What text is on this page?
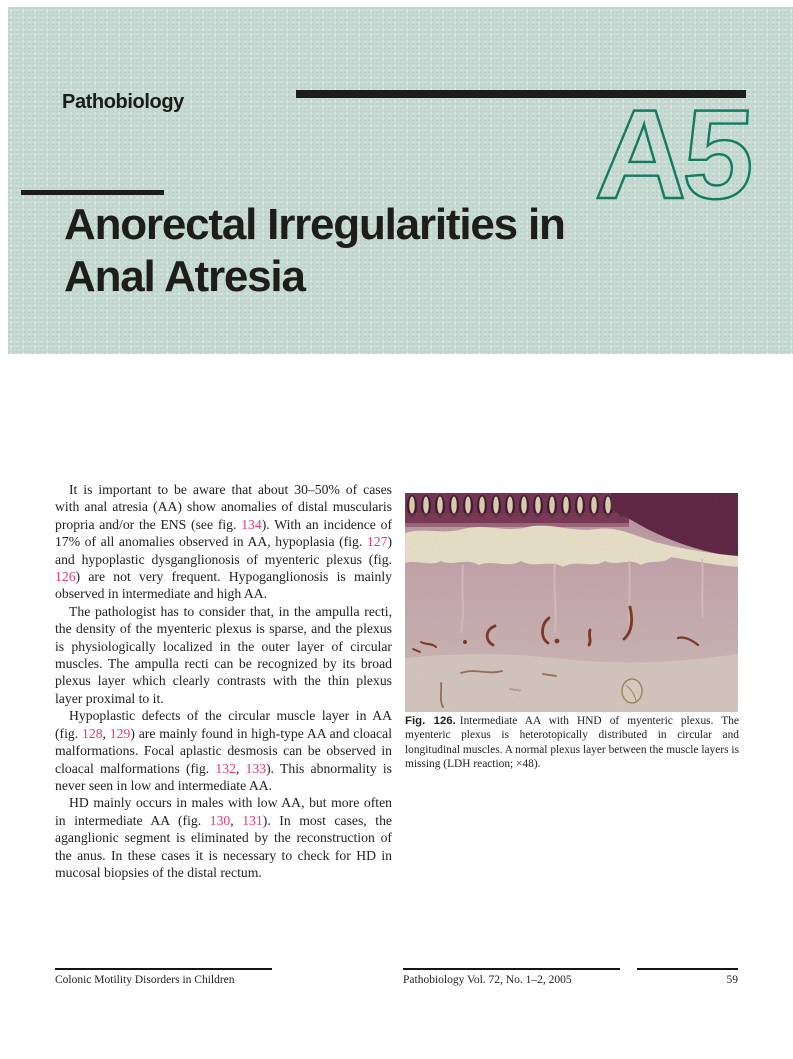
Pathobiology	A5
Anorectal Irregularities in
Anal Atresia

It is important to be aware that about 30–50% of cases with anal atresia (AA) show anomalies of distal muscularis propria and/or the ENS (see fig. 134). With an incidence of 17% of all anomalies observed in AA, hypoplasia (fig. 127) and hypoplastic dysganglionosis of myenteric plexus (fig. 126) are not very frequent. Hypoganglionosis is mainly observed in intermediate and high AA.

The pathologist has to consider that, in the ampulla recti, the density of the myenteric plexus is sparse, and the plexus is physiologically localized in the outer layer of circular muscles. The ampulla recti can be recognized by its broad plexus layer which clearly contrasts with the thin plexus layer proximal to it.

Hypoplastic defects of the circular muscle layer in AA (fig. 128, 129) are mainly found in high-type AA and cloacal malformations. Focal aplastic desmosis can be observed in cloacal malformations (fig. 132, 133). This abnormality is never seen in low and intermediate AA.

HD mainly occurs in males with low AA, but more often in intermediate AA (fig. 130, 131). In most cases, the aganglionic segment is eliminated by the reconstruction of the anus. In these cases it is necessary to check for HD in mucosal biopsies of the distal rectum.

Fig. 126. Intermediate AA with HND of myenteric plexus. The myenteric plexus is heterotopically distributed in circular and longitudinal muscles. A normal plexus layer between the muscle layers is missing (LDH reaction; ×48).
Colonic Motility Disorders in Children	Pathobiology Vol. 72, No. 1–2, 2005	59
